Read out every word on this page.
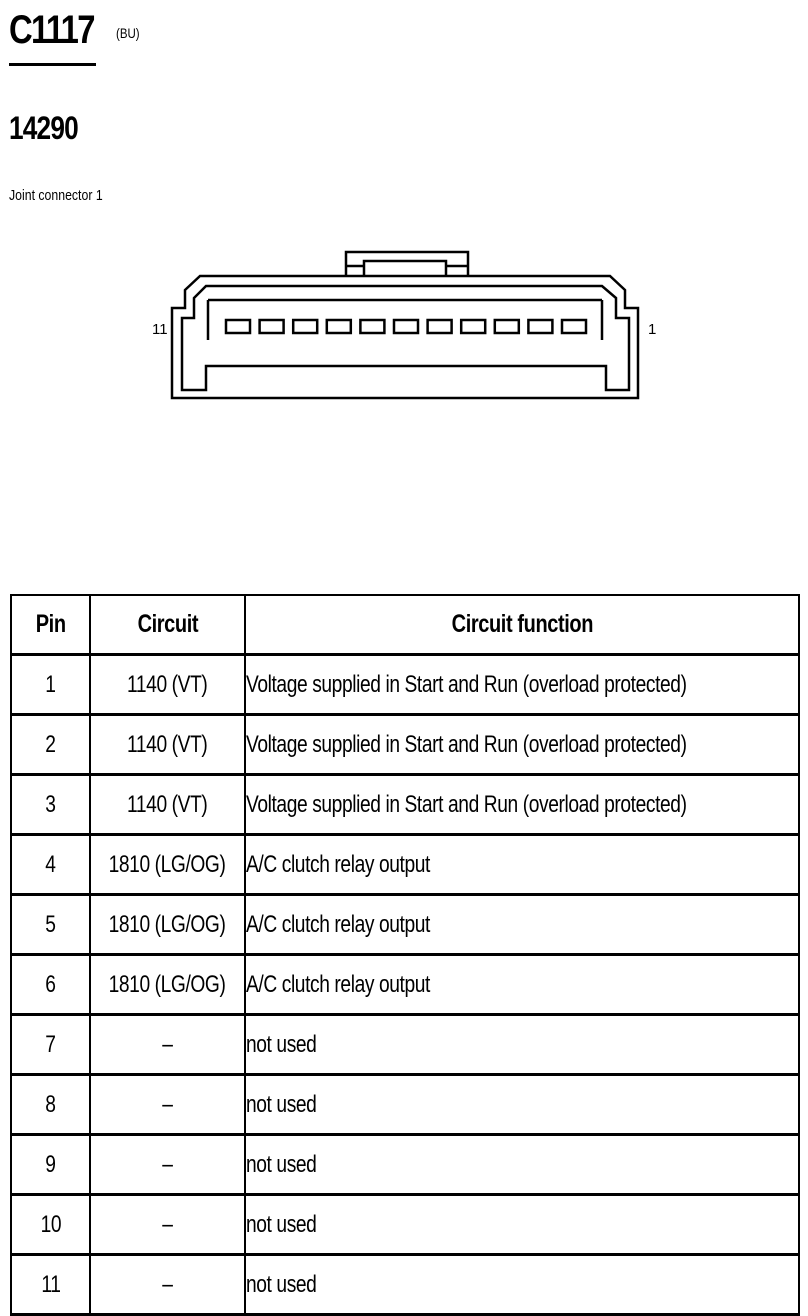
C1117 (BU)
14290
Joint connector 1
11	1
Pin	Circuit	Circuit function
1	1140 (VT)	Voltage supplied in Start and Run (overload protected)
2	1140 (VT)	Voltage supplied in Start and Run (overload protected)
3	1140 (VT)	Voltage supplied in Start and Run (overload protected)
4	1810 (LG/OG)	A/C clutch relay output
5	1810 (LG/OG)	A/C clutch relay output
6	1810 (LG/OG)	A/C clutch relay output
7	–	not used
8	–	not used
9	–	not used
10	–	not used
11	–	not used
